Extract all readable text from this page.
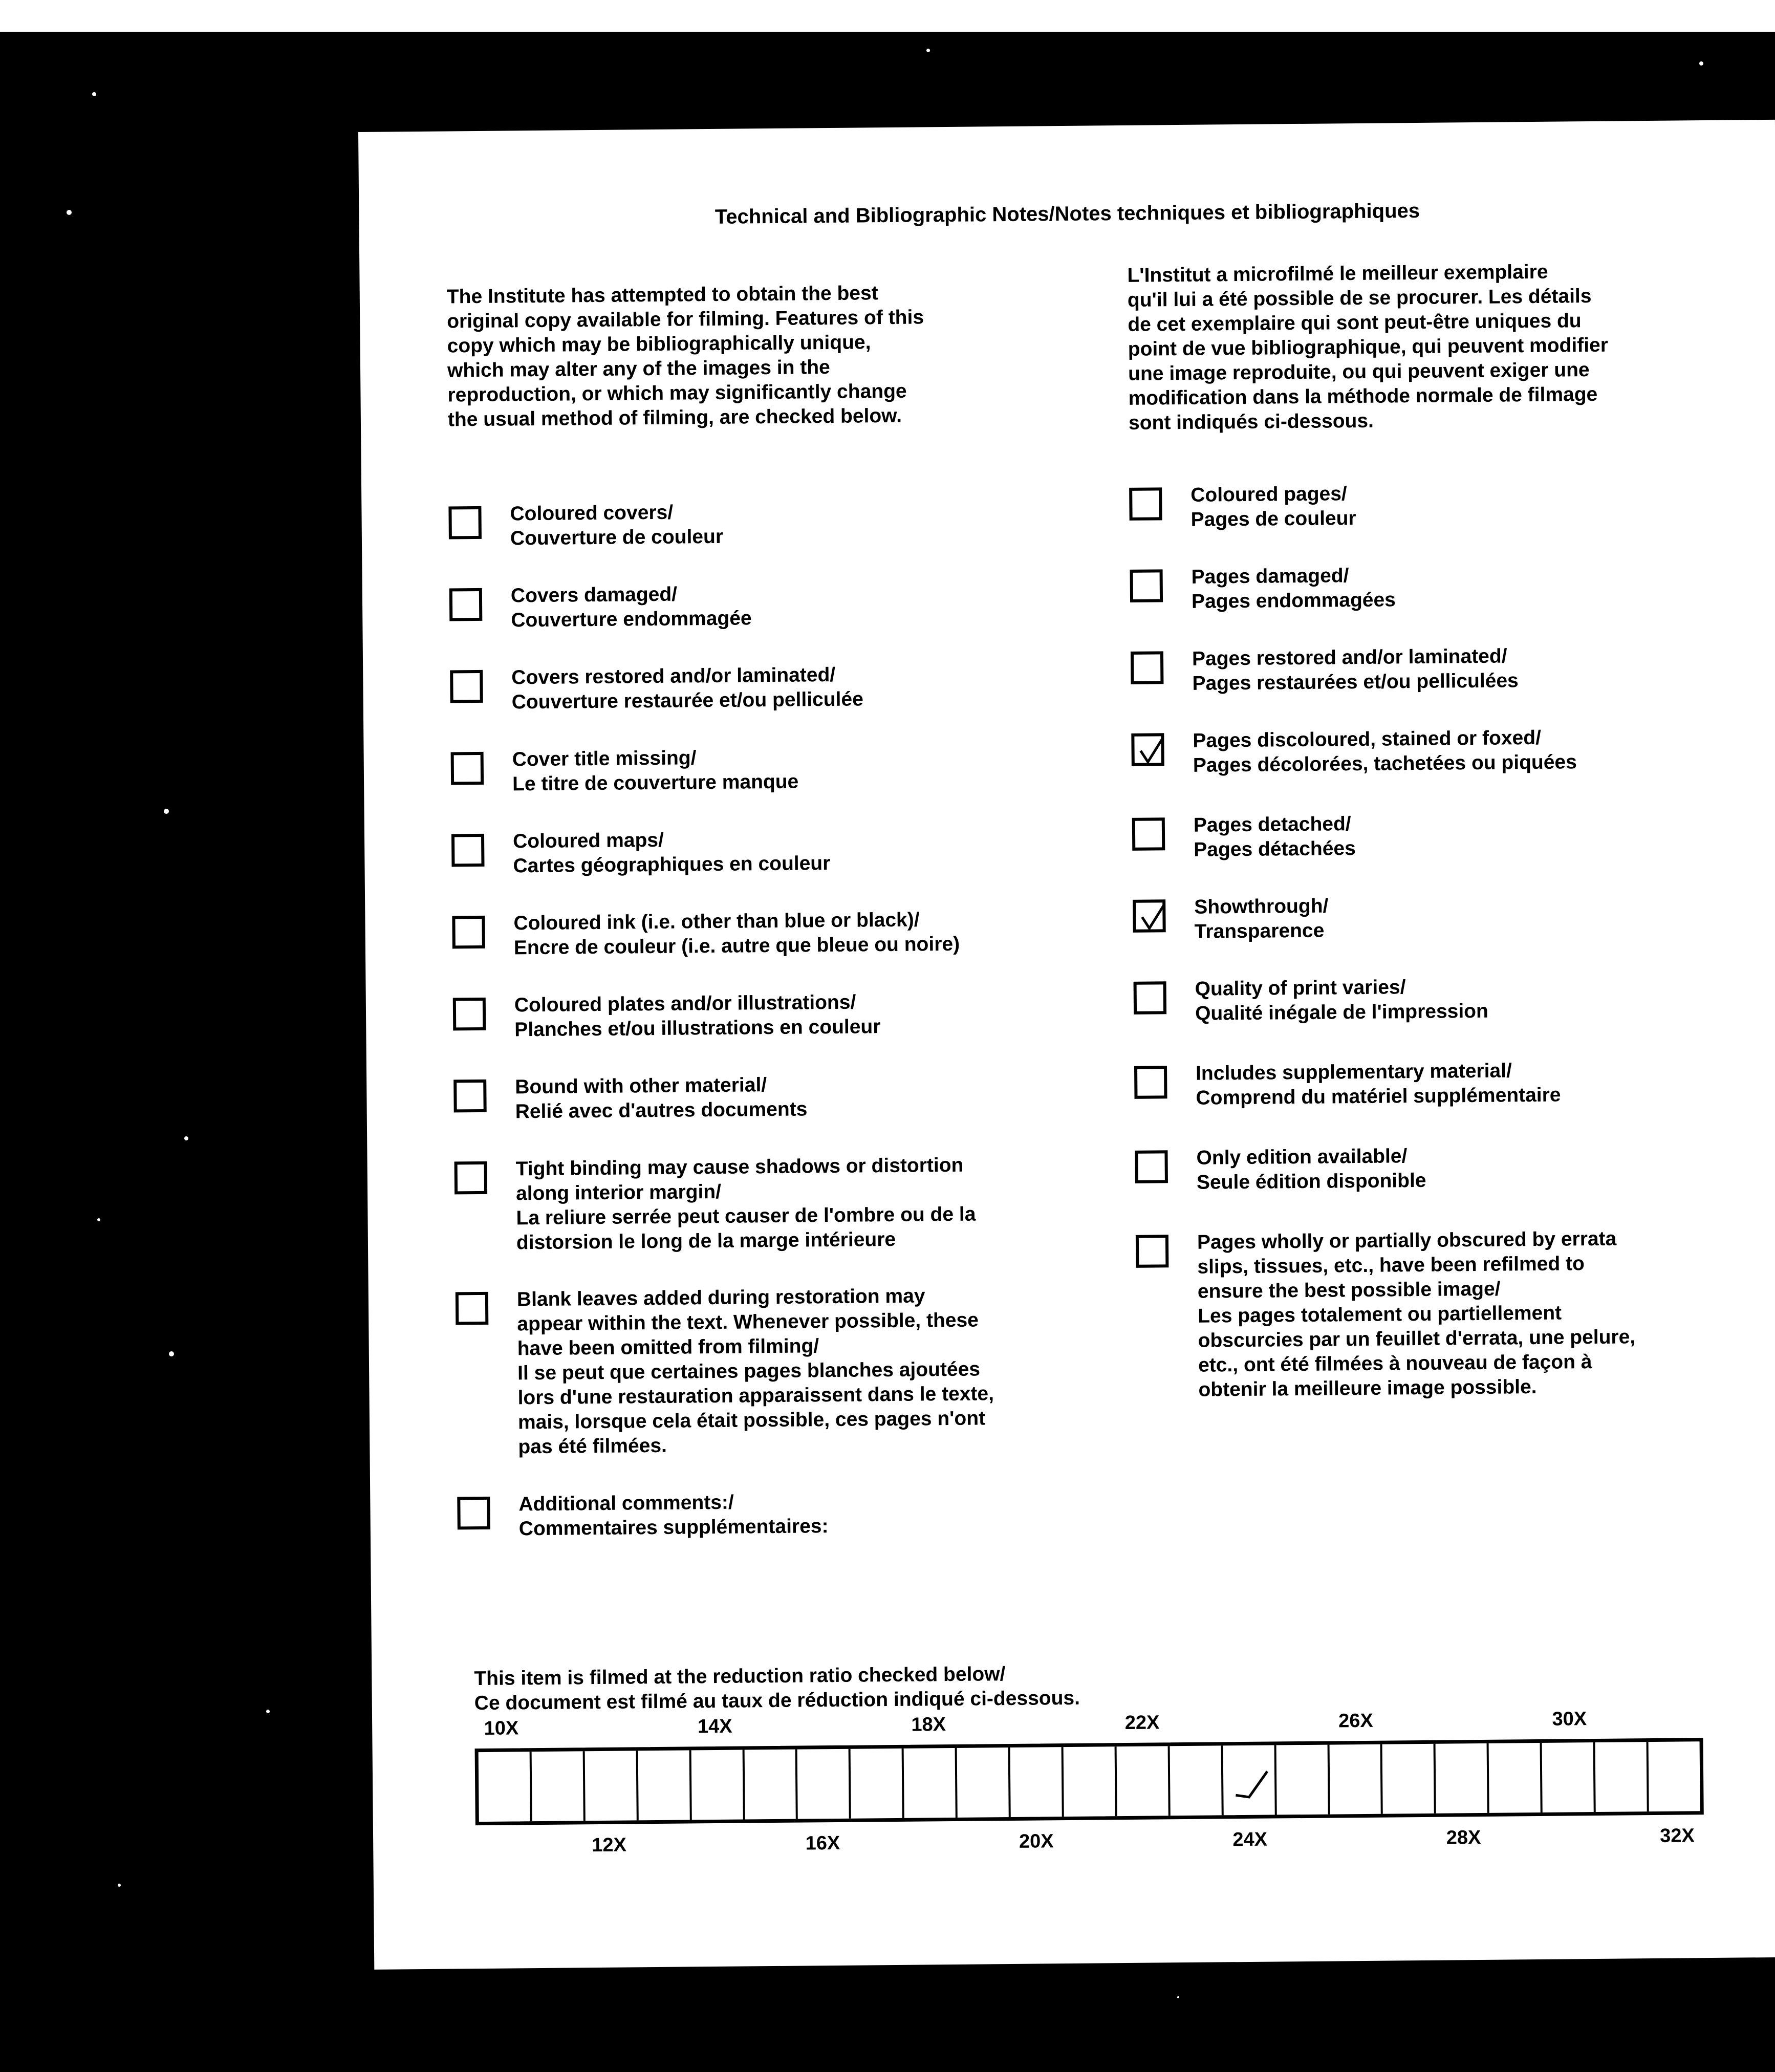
Technical and Bibliographic Notes/Notes techniques et bibliographiques
The Institute has attempted to obtain the best
original copy available for filming. Features of this
copy which may be bibliographically unique,
which may alter any of the images in the
reproduction, or which may significantly change
the usual method of filming, are checked below.
L'Institut a microfilmé le meilleur exemplaire
qu'il lui a été possible de se procurer. Les détails
de cet exemplaire qui sont peut-être uniques du
point de vue bibliographique, qui peuvent modifier
une image reproduite, ou qui peuvent exiger une
modification dans la méthode normale de filmage
sont indiqués ci-dessous.
Coloured covers/
Couverture de couleur
Covers damaged/
Couverture endommagée
Covers restored and/or laminated/
Couverture restaurée et/ou pelliculée
Cover title missing/
Le titre de couverture manque
Coloured maps/
Cartes géographiques en couleur
Coloured ink (i.e. other than blue or black)/
Encre de couleur (i.e. autre que bleue ou noire)
Coloured plates and/or illustrations/
Planches et/ou illustrations en couleur
Bound with other material/
Relié avec d'autres documents
Tight binding may cause shadows or distortion
along interior margin/
La reliure serrée peut causer de l'ombre ou de la
distorsion le long de la marge intérieure
Blank leaves added during restoration may
appear within the text. Whenever possible, these
have been omitted from filming/
Il se peut que certaines pages blanches ajoutées
lors d'une restauration apparaissent dans le texte,
mais, lorsque cela était possible, ces pages n'ont
pas été filmées.
Additional comments:/
Commentaires supplémentaires:
Coloured pages/
Pages de couleur
Pages damaged/
Pages endommagées
Pages restored and/or laminated/
Pages restaurées et/ou pelliculées
Pages discoloured, stained or foxed/
Pages décolorées, tachetées ou piquées
Pages detached/
Pages détachées
Showthrough/
Transparence
Quality of print varies/
Qualité inégale de l'impression
Includes supplementary material/
Comprend du matériel supplémentaire
Only edition available/
Seule édition disponible
Pages wholly or partially obscured by errata
slips, tissues, etc., have been refilmed to
ensure the best possible image/
Les pages totalement ou partiellement
obscurcies par un feuillet d'errata, une pelure,
etc., ont été filmées à nouveau de façon à
obtenir la meilleure image possible.
This item is filmed at the reduction ratio checked below/
Ce document est filmé au taux de réduction indiqué ci-dessous.
10X	14X	18X	22X	26X	30X
12X	16X	20X	24X	28X	32X
